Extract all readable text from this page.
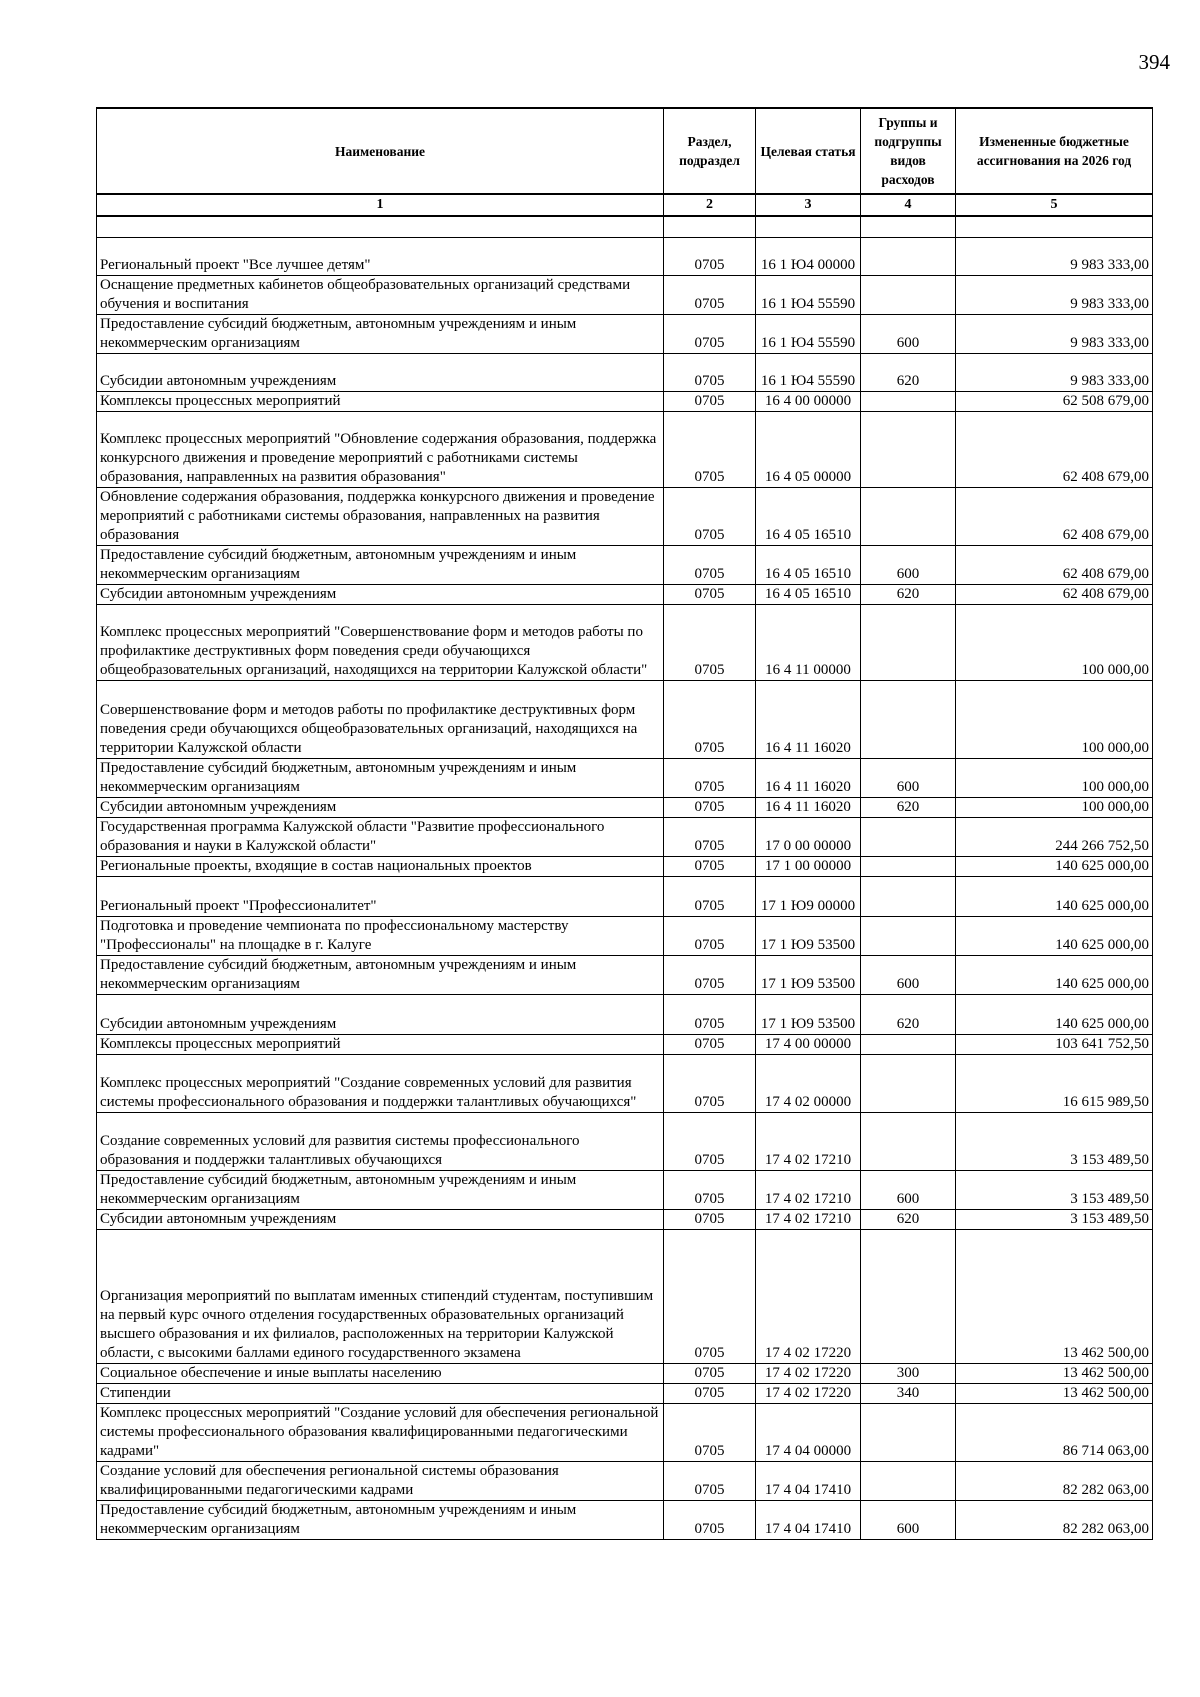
394
Наименование	Раздел, подраздел	Целевая статья	Группы и подгруппы видов расходов	Измененные бюджетные ассигнования на 2026 год
1	2	3	4	5

Региональный проект "Все лучшее детям"	0705	16 1 Ю4 00000		9 983 333,00
Оснащение предметных кабинетов общеобразовательных организаций средствами обучения и воспитания	0705	16 1 Ю4 55590		9 983 333,00
Предоставление субсидий бюджетным, автономным учреждениям и иным некоммерческим организациям	0705	16 1 Ю4 55590	600	9 983 333,00
Субсидии автономным учреждениям	0705	16 1 Ю4 55590	620	9 983 333,00
Комплексы процессных мероприятий	0705	16 4 00 00000		62 508 679,00
Комплекс процессных мероприятий "Обновление содержания образования, поддержка конкурсного движения и проведение мероприятий с работниками системы образования, направленных на развития образования"	0705	16 4 05 00000		62 408 679,00
Обновление содержания образования, поддержка конкурсного движения и проведение мероприятий с работниками системы образования, направленных на развития образования	0705	16 4 05 16510		62 408 679,00
Предоставление субсидий бюджетным, автономным учреждениям и иным некоммерческим организациям	0705	16 4 05 16510	600	62 408 679,00
Субсидии автономным учреждениям	0705	16 4 05 16510	620	62 408 679,00
Комплекс процессных мероприятий "Совершенствование форм и методов работы по профилактике деструктивных форм поведения среди обучающихся общеобразовательных организаций, находящихся на территории Калужской области"	0705	16 4 11 00000		100 000,00
Совершенствование форм и методов работы по профилактике деструктивных форм поведения среди обучающихся общеобразовательных организаций, находящихся на территории Калужской области	0705	16 4 11 16020		100 000,00
Предоставление субсидий бюджетным, автономным учреждениям и иным некоммерческим организациям	0705	16 4 11 16020	600	100 000,00
Субсидии автономным учреждениям	0705	16 4 11 16020	620	100 000,00
Государственная программа Калужской области "Развитие профессионального образования и науки в Калужской области"	0705	17 0 00 00000		244 266 752,50
Региональные проекты, входящие в состав национальных проектов	0705	17 1 00 00000		140 625 000,00
Региональный проект "Профессионалитет"	0705	17 1 Ю9 00000		140 625 000,00
Подготовка и проведение чемпионата по профессиональному мастерству "Профессионалы" на площадке в г. Калуге	0705	17 1 Ю9 53500		140 625 000,00
Предоставление субсидий бюджетным, автономным учреждениям и иным некоммерческим организациям	0705	17 1 Ю9 53500	600	140 625 000,00
Субсидии автономным учреждениям	0705	17 1 Ю9 53500	620	140 625 000,00
Комплексы процессных мероприятий	0705	17 4 00 00000		103 641 752,50
Комплекс процессных мероприятий "Создание современных условий для развития системы профессионального образования и поддержки талантливых обучающихся"	0705	17 4 02 00000		16 615 989,50
Создание современных условий для развития системы профессионального образования и поддержки талантливых обучающихся	0705	17 4 02 17210		3 153 489,50
Предоставление субсидий бюджетным, автономным учреждениям и иным некоммерческим организациям	0705	17 4 02 17210	600	3 153 489,50
Субсидии автономным учреждениям	0705	17 4 02 17210	620	3 153 489,50
Организация мероприятий по выплатам именных стипендий студентам, поступившим на первый курс очного отделения государственных образовательных организаций высшего образования и их филиалов, расположенных на территории Калужской области, с высокими баллами единого государственного экзамена	0705	17 4 02 17220		13 462 500,00
Социальное обеспечение и иные выплаты населению	0705	17 4 02 17220	300	13 462 500,00
Стипендии	0705	17 4 02 17220	340	13 462 500,00
Комплекс процессных мероприятий "Создание условий для обеспечения региональной системы профессионального образования квалифицированными педагогическими кадрами"	0705	17 4 04 00000		86 714 063,00
Создание условий для обеспечения региональной системы образования квалифицированными педагогическими кадрами	0705	17 4 04 17410		82 282 063,00
Предоставление субсидий бюджетным, автономным учреждениям и иным некоммерческим организациям	0705	17 4 04 17410	600	82 282 063,00
